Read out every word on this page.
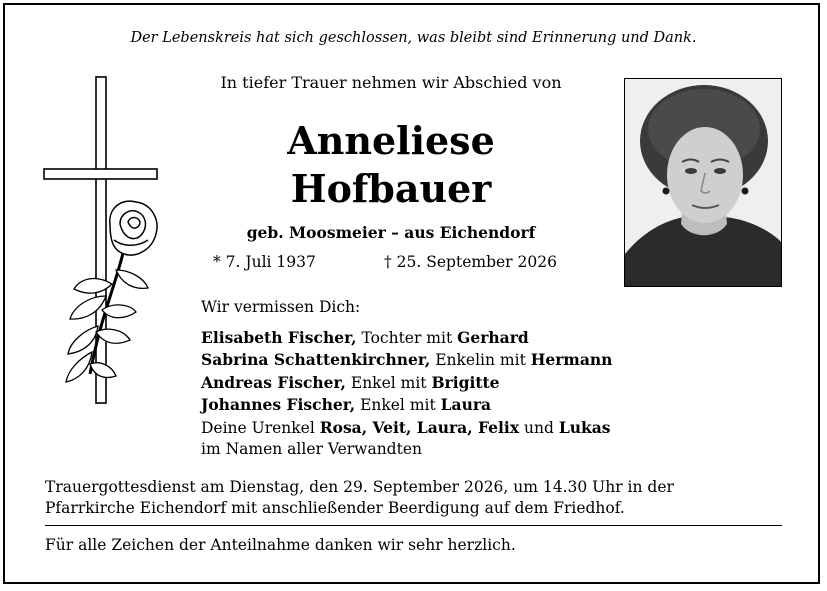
Der Lebenskreis hat sich geschlossen, was bleibt sind Erinnerung und Dank.
In tiefer Trauer nehmen wir Abschied von
Anneliese
Hofbauer
geb. Moosmeier – aus Eichendorf
* 7. Juli 1937	† 25. September 2026
Wir vermissen Dich:
Elisabeth Fischer, Tochter mit Gerhard
Sabrina Schattenkirchner, Enkelin mit Hermann
Andreas Fischer, Enkel mit Brigitte
Johannes Fischer, Enkel mit Laura
Deine Urenkel Rosa, Veit, Laura, Felix und Lukas
im Namen aller Verwandten
Trauergottesdienst am Dienstag, den 29. September 2026, um 14.30 Uhr in der
Pfarrkirche Eichendorf mit anschließender Beerdigung auf dem Friedhof.
Für alle Zeichen der Anteilnahme danken wir sehr herzlich.
